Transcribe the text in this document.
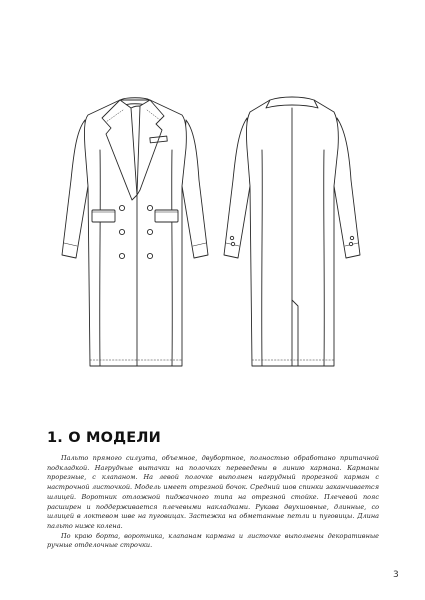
1. О МОДЕЛИ

Пальто прямого силуэта, объемное, двубортное, полностью обработано притачной подкладкой. Нагрудные вытачки на полочках переведены в линию кармана. Карманы прорезные, с клапаном. На левой полочке выполнен нагрудный прорезной карман с настрочной листочкой. Модель имеет отрезной бочок. Средний шов спинки заканчивается шлицей. Воротник отложной пиджачного типа на отрезной стойке. Плечевой пояс расширен и поддерживается плечевыми накладками. Рукава двухшовные, длинные, со шлицей в локтевом шве на пуговицах. Застежка на обметанные петли и пуговицы. Длина пальто ниже колена.

По краю борта, воротника, клапанам кармана и листочке выполнены декоративные ручные отделочные строчки.

3
